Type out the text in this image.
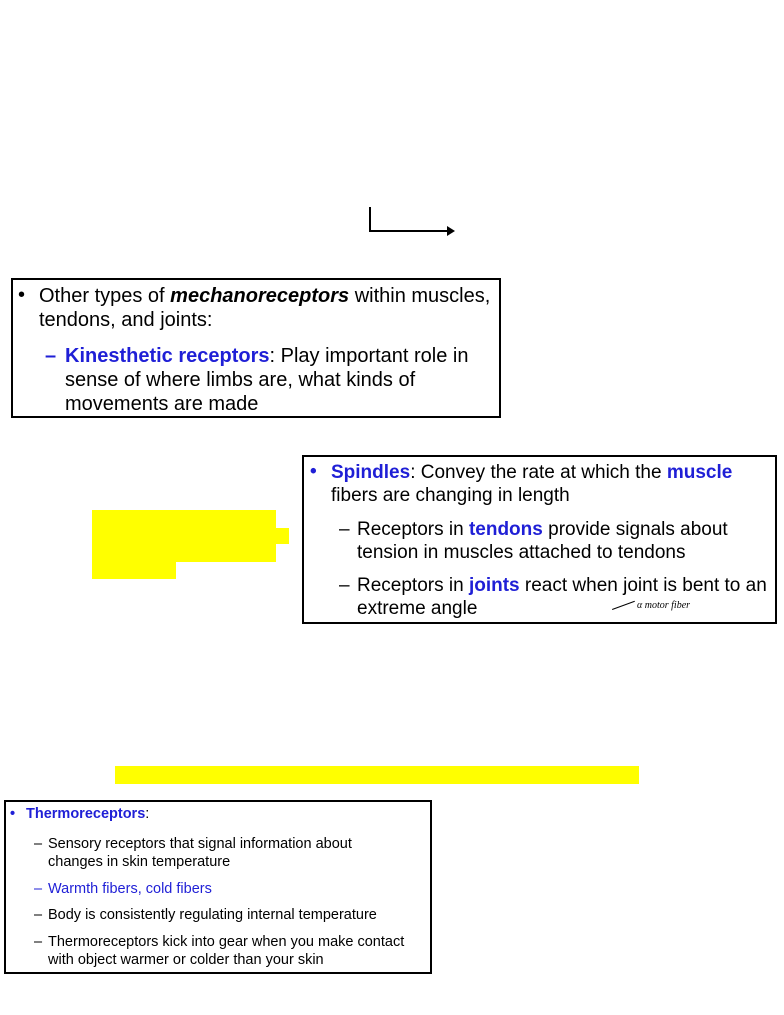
• Other types of mechanoreceptors within muscles,
tendons, and joints:
– Kinesthetic receptors: Play important role in
sense of where limbs are, what kinds of
movements are made
• Spindles: Convey the rate at which the muscle
fibers are changing in length
– Receptors in tendons provide signals about
tension in muscles attached to tendons
– Receptors in joints react when joint is bent to an
extreme angle	α motor fiber
• Thermoreceptors:
– Sensory receptors that signal information about
changes in skin temperature
– Warmth fibers, cold fibers
– Body is consistently regulating internal temperature
– Thermoreceptors kick into gear when you make contact
with object warmer or colder than your skin
